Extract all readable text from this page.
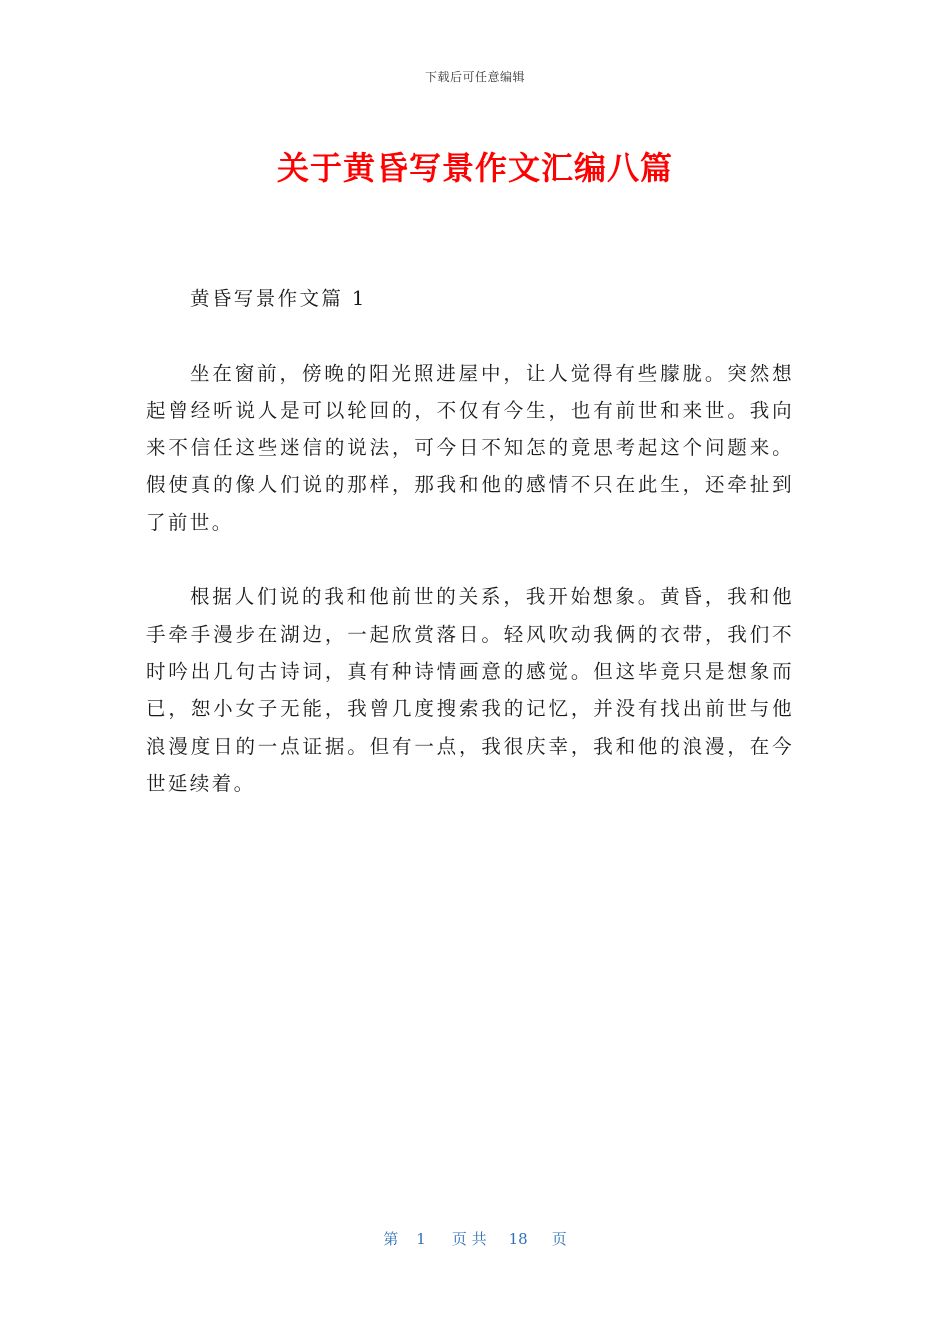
下载后可任意编辑
关于黄昏写景作文汇编八篇

黄昏写景作文篇 1

坐在窗前，傍晚的阳光照进屋中，让人觉得有些朦胧。突然想起曾经听说人是可以轮回的，不仅有今生，也有前世和来世。我向来不信任这些迷信的说法，可今日不知怎的竟思考起这个问题来。假使真的像人们说的那样，那我和他的感情不只在此生，还牵扯到了前世。

根据人们说的我和他前世的关系，我开始想象。黄昏，我和他手牵手漫步在湖边，一起欣赏落日。轻风吹动我俩的衣带，我们不时吟出几句古诗词，真有种诗情画意的感觉。但这毕竟只是想象而已，恕小女子无能，我曾几度搜索我的记忆，并没有找出前世与他浪漫度日的一点证据。但有一点，我很庆幸，我和他的浪漫，在今世延续着。

第 1 页 共 18 页
